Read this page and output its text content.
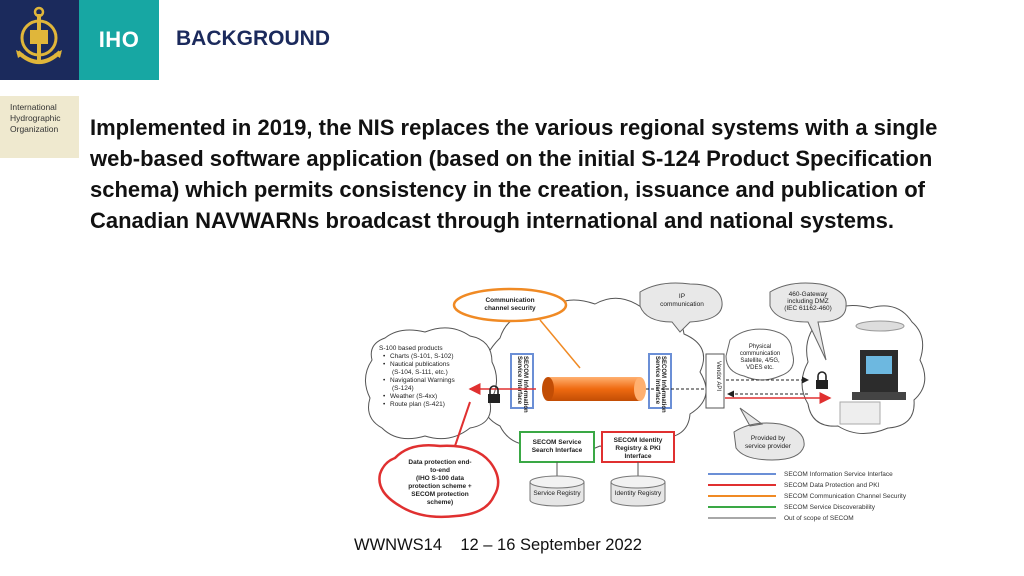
IHO
International
Hydrographic
Organization
BACKGROUND
Implemented in 2019, the NIS replaces the various regional systems with a single web-based software application (based on the initial S-124 Product Specification schema) which permits consistency in the creation, issuance and publication of Canadian NAVWARNs broadcast through international and national systems.
S-100 based products
• Charts (S-101, S-102)
• Nautical publications
(S-104, S-111, etc.)
• Navigational Warnings
(S-124)
• Weather (S-4xx)
• Route plan (S-421)
Communication
channel security
IP
communication
460-Gateway
including DMZ
(IEC 61162-460)
Physical
communication
Satellite, 4/5G,
VDES etc.
Provided by
service provider
SECOM Information
Service Interface	SECOM Information
Service Interface	Vendor API
SECOM Service
Search Interface
SECOM Identity
Registry & PKI
Interface
Service Registry	Identity Registry
Data protection end-
to-end
(IHO S-100 data
protection scheme +
SECOM protection
scheme)
SECOM Information Service Interface
SECOM Data Protection and PKI
SECOM Communication Channel Security
SECOM Service Discoverability
Out of scope of SECOM
WWNWS14 12 – 16 September 2022
